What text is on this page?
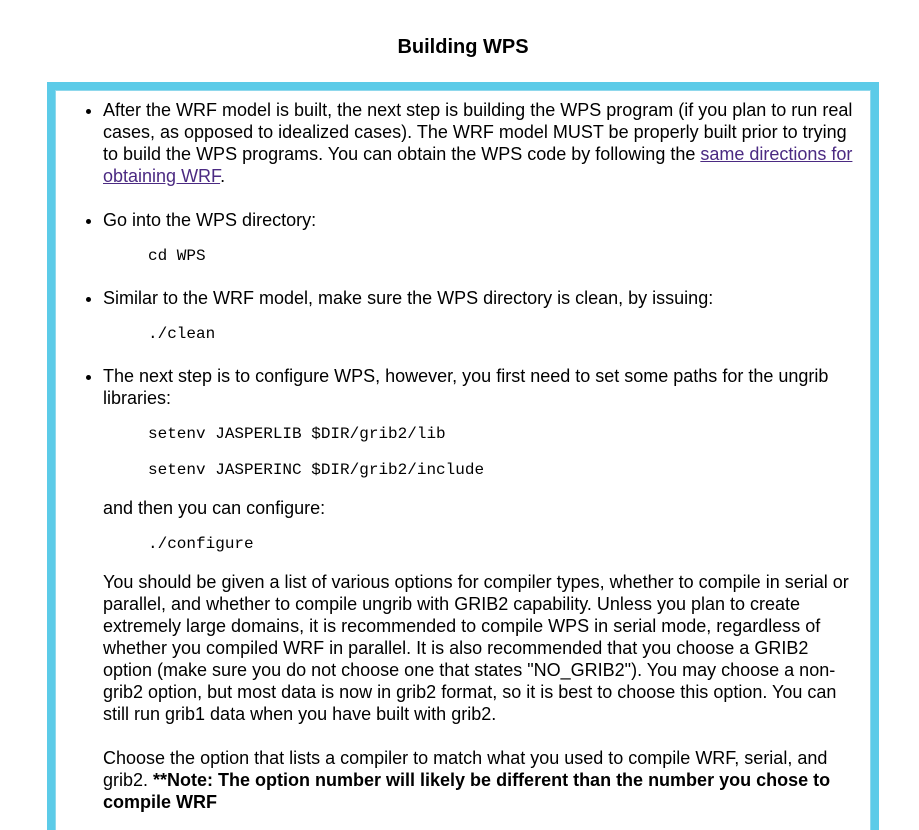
Building WPS

• After the WRF model is built, the next step is building the WPS program (if you plan to run real cases, as opposed to idealized cases). The WRF model MUST be properly built prior to trying to build the WPS programs. You can obtain the WPS code by following the same directions for obtaining WRF.

• Go into the WPS directory:

cd WPS

• Similar to the WRF model, make sure the WPS directory is clean, by issuing:

./clean

• The next step is to configure WPS, however, you first need to set some paths for the ungrib libraries:

setenv JASPERLIB $DIR/grib2/lib
setenv JASPERINC $DIR/grib2/include

and then you can configure:

./configure

You should be given a list of various options for compiler types, whether to compile in serial or parallel, and whether to compile ungrib with GRIB2 capability. Unless you plan to create extremely large domains, it is recommended to compile WPS in serial mode, regardless of whether you compiled WRF in parallel. It is also recommended that you choose a GRIB2 option (make sure you do not choose one that states "NO_GRIB2"). You may choose a non-grib2 option, but most data is now in grib2 format, so it is best to choose this option. You can still run grib1 data when you have built with grib2.

Choose the option that lists a compiler to match what you used to compile WRF, serial, and grib2. **Note: The option number will likely be different than the number you chose to compile WRF
